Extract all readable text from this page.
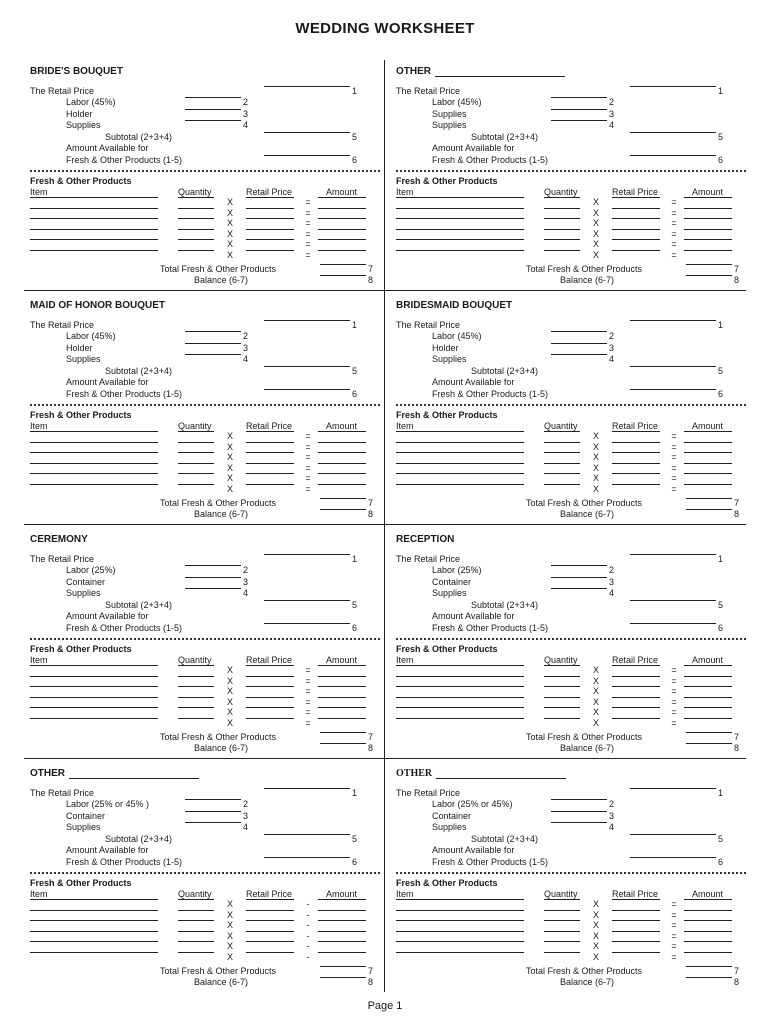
WEDDING WORKSHEET
BRIDE'S BOUQUET
The Retail Price	1
Labor (45%)	2
Holder	3
Supplies	4
Subtotal (2+3+4)	5
Amount Available for
Fresh & Other Products (1-5)	6
Fresh & Other Products
Item	Quantity	Retail Price	Amount
X	=
X	=
X	=
X	=
X	=
X	=
Total Fresh & Other Products	7
Balance (6-7)	8
OTHER
The Retail Price	1
Labor (45%)	2
Supplies	3
Supplies	4
Subtotal (2+3+4)	5
Amount Available for
Fresh & Other Products (1-5)	6
Fresh & Other Products
Item	Quantity	Retail Price	Amount
X	=
X	=
X	=
X	=
X	=
X	=
Total Fresh & Other Products	7
Balance (6-7)	8
MAID OF HONOR BOUQUET
The Retail Price	1
Labor (45%)	2
Holder	3
Supplies	4
Subtotal (2+3+4)	5
Amount Available for
Fresh & Other Products (1-5)	6
Fresh & Other Products
Item	Quantity	Retail Price	Amount
X	=
X	=
X	=
X	=
X	=
X	=
Total Fresh & Other Products	7
Balance (6-7)	8
BRIDESMAID BOUQUET
The Retail Price	1
Labor (45%)	2
Holder	3
Supplies	4
Subtotal (2+3+4)	5
Amount Available for
Fresh & Other Products (1-5)	6
Fresh & Other Products
Item	Quantity	Retail Price	Amount
X	=
X	=
X	=
X	=
X	=
X	=
Total Fresh & Other Products	7
Balance (6-7)	8
CEREMONY
The Retail Price	1
Labor (25%)	2
Container	3
Supplies	4
Subtotal (2+3+4)	5
Amount Available for
Fresh & Other Products (1-5)	6
Fresh & Other Products
Item	Quantity	Retail Price	Amount
X	=
X	=
X	=
X	=
X	=
X	=
Total Fresh & Other Products	7
Balance (6-7)	8
RECEPTION
The Retail Price	1
Labor (25%)	2
Container	3
Supplies	4
Subtotal (2+3+4)	5
Amount Available for
Fresh & Other Products (1-5)	6
Fresh & Other Products
Item	Quantity	Retail Price	Amount
X	=
X	=
X	=
X	=
X	=
X	=
Total Fresh & Other Products	7
Balance (6-7)	8
OTHER
The Retail Price	1
Labor (25% or 45% )	2
Container	3
Supplies	4
Subtotal (2+3+4)	5
Amount Available for
Fresh & Other Products (1-5)	6
Fresh & Other Products
Item	Quantity	Retail Price	Amount
X	-
X	-
X	-
X	-
X	-
X	-
Total Fresh & Other Products	7
Balance (6-7)	8
OTHER
The Retail Price	1
Labor (25% or 45%)	2
Container	3
Supplies	4
Subtotal (2+3+4)	5
Amount Available for
Fresh & Other Products (1-5)	6
Fresh & Other Products
Item	Quantity	Retail Price	Amount
X	=
X	=
X	=
X	=
X	=
X	=
Total Fresh & Other Products	7
Balance (6-7)	8
Page 1
